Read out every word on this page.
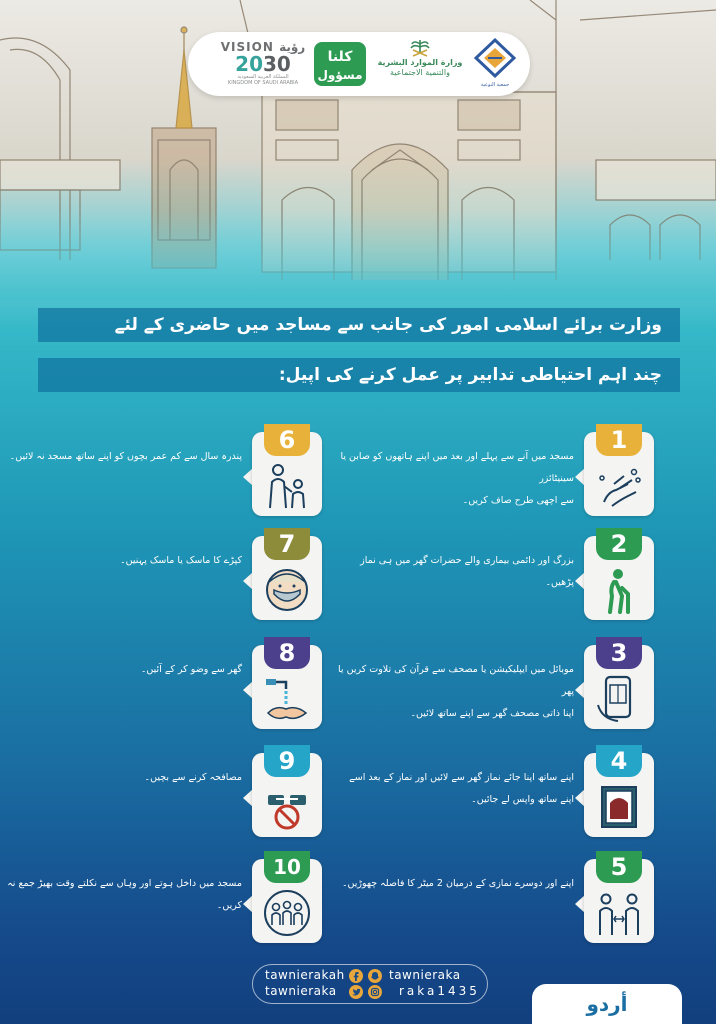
VISION رؤية
2030
المملكة العربية السعودية
KINGDOM OF SAUDI ARABIA
كلنا
مسؤول
وزارة الموارد البشرية
والتنمية الاجتماعية
جمعية التوعية
وزارت برائے اسلامی امور کی جانب سے مساجد میں حاضری کے لئے
چند اہم احتیاطی تدابیر پر عمل کرنے کی اپیل:
1
مسجد میں آنے سے پہلے اور بعد میں اپنے ہاتھوں کو صابن یا سینیٹائزر
سے اچھی طرح صاف کریں۔
2
بزرگ اور دائمی بیماری والے حضرات گھر میں ہی نماز
پڑھیں۔
3
موبائل میں ایپلیکیشن یا مصحف سے قرآن کی تلاوت کریں یا پھر
اپنا ذاتی مصحف گھر سے اپنے ساتھ لائیں۔
4
اپنے ساتھ اپنا جائے نماز گھر سے لائیں اور نماز کے بعد اسے
اپنے ساتھ واپس لے جائیں۔
5
اپنے اور دوسرے نمازی کے درمیان 2 میٹر کا فاصلہ چھوڑیں۔
6
پندرہ سال سے کم عمر بچوں کو اپنے ساتھ مسجد نہ لائیں۔
7
کپڑے کا ماسک یا ماسک پہنیں۔
8
گھر سے وضو کر کے آئیں۔
9
مصافحہ کرنے سے بچیں۔
10
مسجد میں داخل ہوتے اور وہاں سے نکلتے وقت بھیڑ جمع نہ کریں۔
tawnierakah	tawnieraka
tawnieraka	raka1435
أردو
